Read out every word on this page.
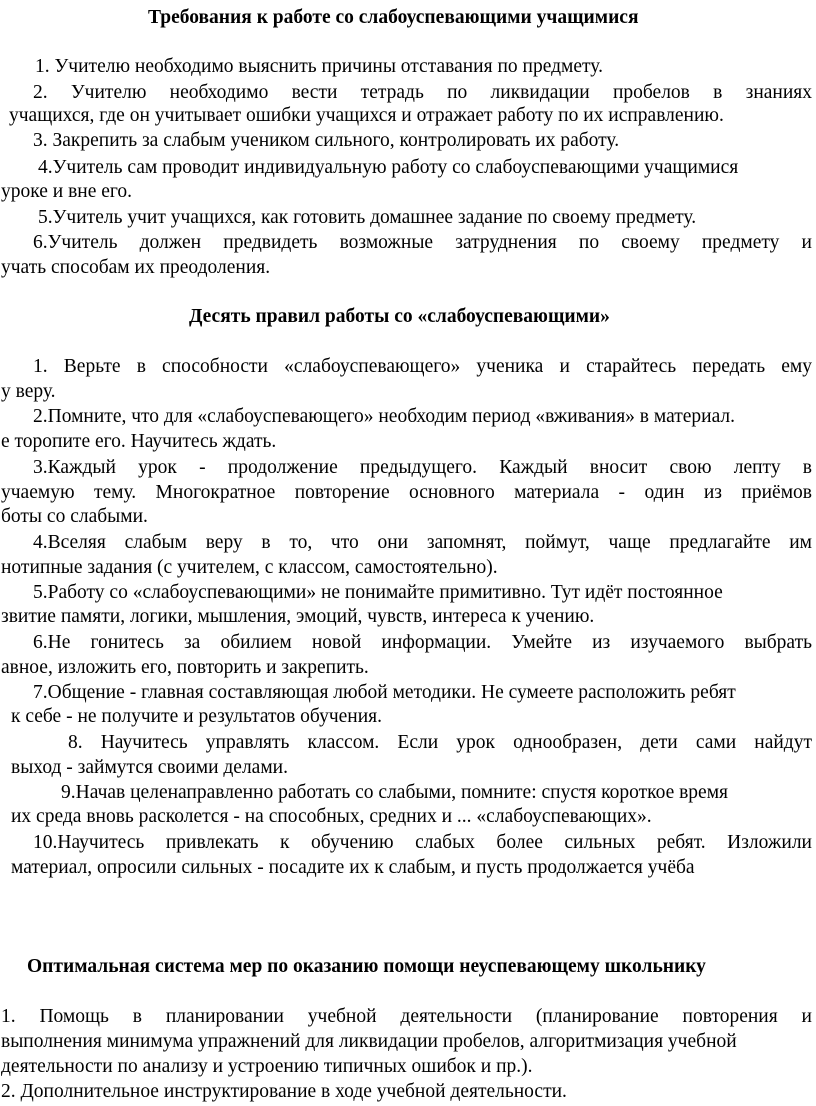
Требования к работе со слабоуспевающими учащимися
1. Учителю необходимо выяснить причины отставания по предмету.
2. Учителю необходимо вести тетрадь по ликвидации пробелов в знаниях
учащихся, где он учитывает ошибки учащихся и отражает работу по их исправлению.
3. Закрепить за слабым учеником сильного, контролировать их работу.
4.Учитель сам проводит индивидуальную работу со слабоуспевающими учащимися
уроке и вне его.
5.Учитель учит учащихся, как готовить домашнее задание по своему предмету.
6.Учитель должен предвидеть возможные затруднения по своему предмету и
учать способам их преодоления.
Десять правил работы со «слабоуспевающими»
1. Верьте в способности «слабоуспевающего» ученика и старайтесь передать ему
у веру.
2.Помните, что для «слабоуспевающего» необходим период «вживания» в материал.
е торопите его. Научитесь ждать.
3.Каждый урок - продолжение предыдущего. Каждый вносит свою лепту в
учаемую тему. Многократное повторение основного материала - один из приёмов
боты со слабыми.
4.Вселяя слабым веру в то, что они запомнят, поймут, чаще предлагайте им
нотипные задания (с учителем, с классом, самостоятельно).
5.Работу со «слабоуспевающими» не понимайте примитивно. Тут идёт постоянное
звитие памяти, логики, мышления, эмоций, чувств, интереса к учению.
6.Не гонитесь за обилием новой информации. Умейте из изучаемого выбрать
авное, изложить его, повторить и закрепить.
7.Общение - главная составляющая любой методики. Не сумеете расположить ребят
к себе - не получите и результатов обучения.
8. Научитесь управлять классом. Если урок однообразен, дети сами найдут
выход - займутся своими делами.
9.Начав целенаправленно работать со слабыми, помните: спустя короткое время
их среда вновь расколется - на способных, средних и ... «слабоуспевающих».
10.Научитесь привлекать к обучению слабых более сильных ребят. Изложили
материал, опросили сильных - посадите их к слабым, и пусть продолжается учёба
Оптимальная система мер по оказанию помощи неуспевающему школьнику
1. Помощь в планировании учебной деятельности (планирование повторения и
выполнения минимума упражнений для ликвидации пробелов, алгоритмизация учебной
деятельности по анализу и устроению типичных ошибок и пр.).
2. Дополнительное инструктирование в ходе учебной деятельности.
